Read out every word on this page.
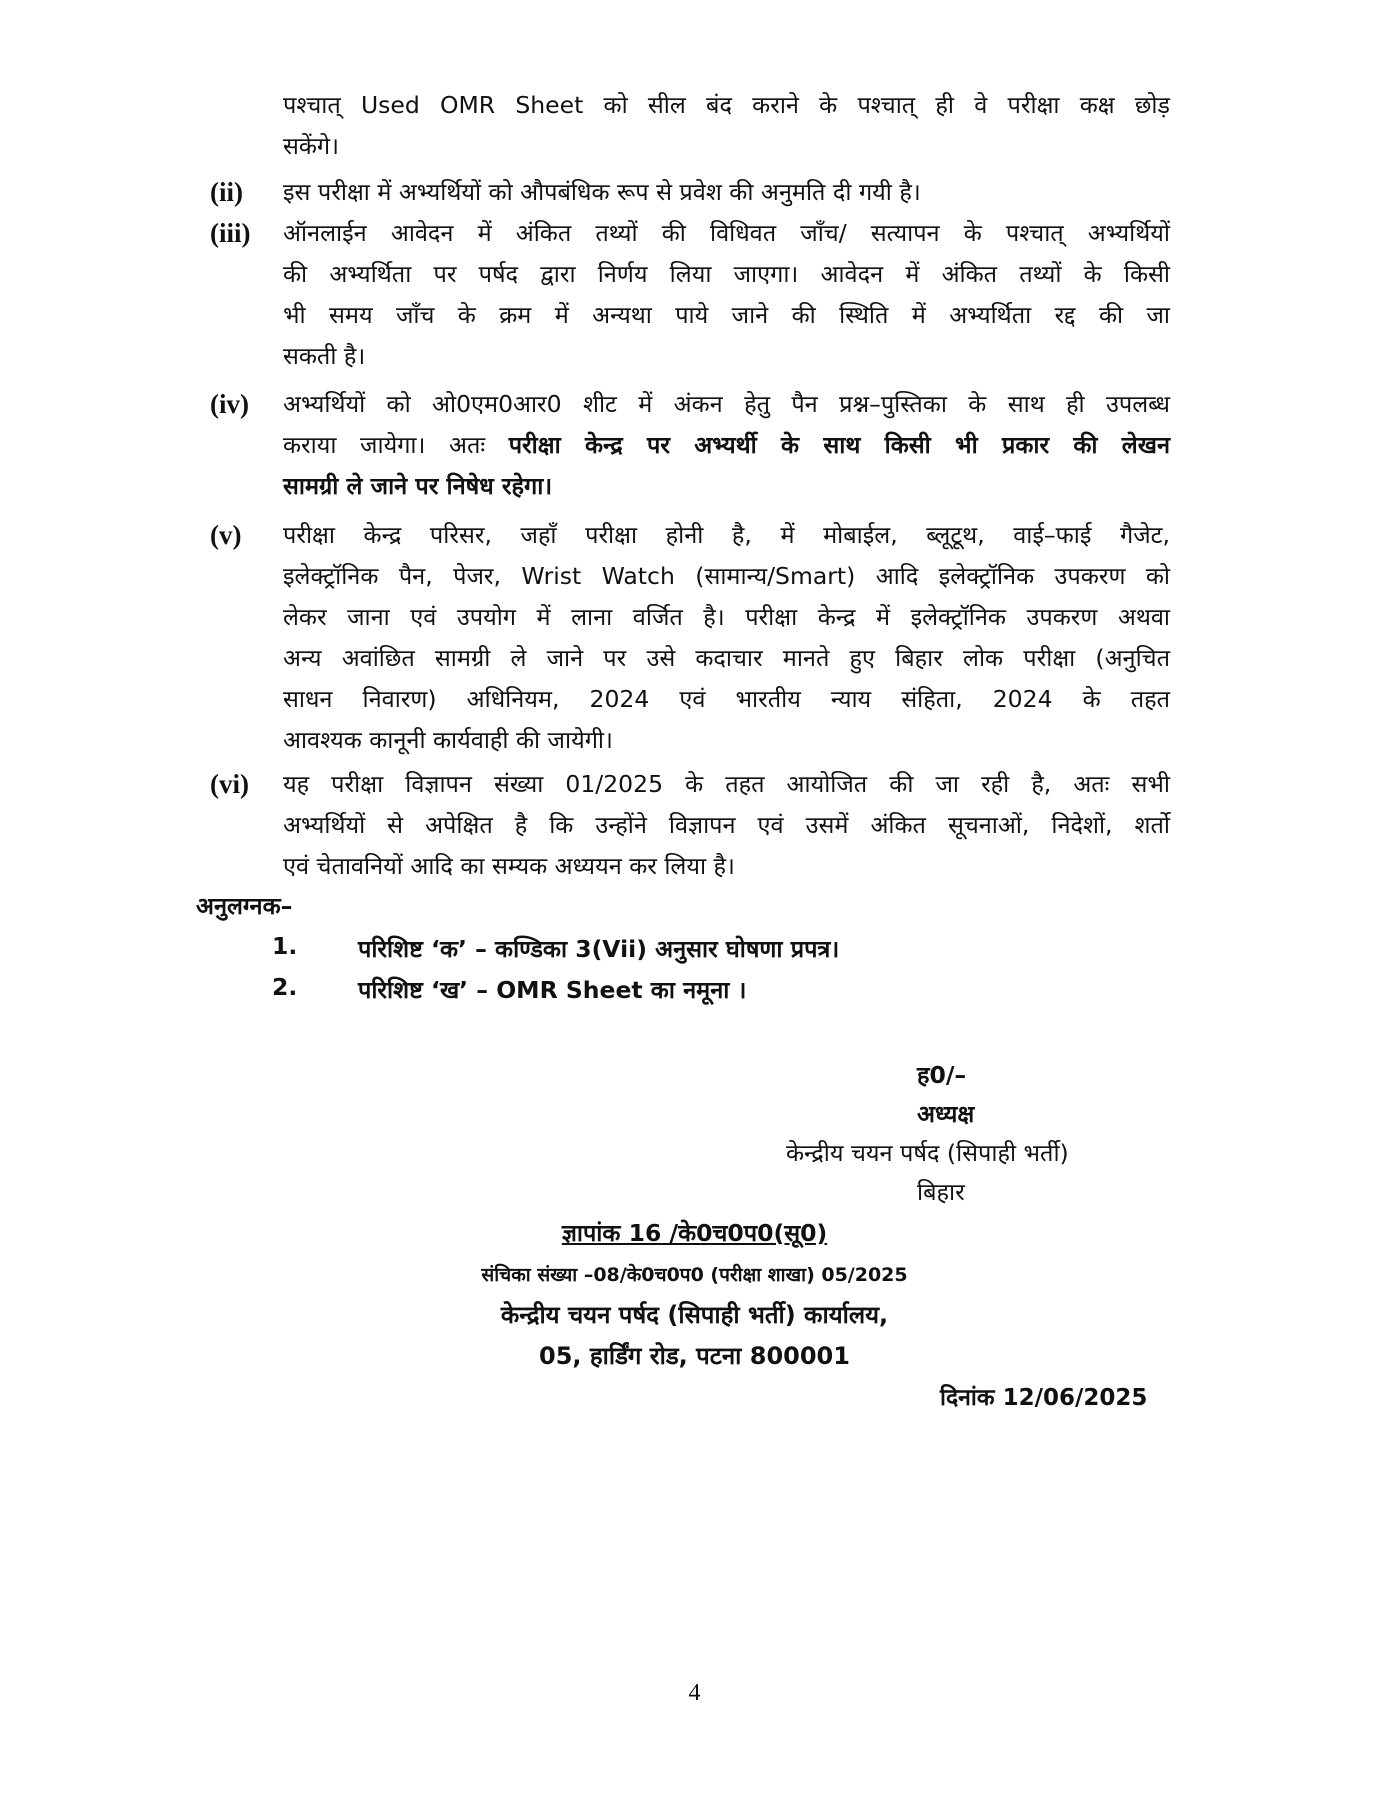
पश्चात् Used OMR Sheet को सील बंद कराने के पश्चात् ही वे परीक्षा कक्ष छोड़
सकेंगे।
(ii) इस परीक्षा में अभ्यर्थियों को औपबंधिक रूप से प्रवेश की अनुमति दी गयी है।
(iii) ऑनलाईन आवेदन में अंकित तथ्यों की विधिवत जाँच/ सत्यापन के पश्चात् अभ्यर्थियों
की अभ्यर्थिता पर पर्षद द्वारा निर्णय लिया जाएगा। आवेदन में अंकित तथ्यों के किसी
भी समय जाँच के क्रम में अन्यथा पाये जाने की स्थिति में अभ्यर्थिता रद्द की जा
सकती है।
(iv) अभ्यर्थियों को ओ0एम0आर0 शीट में अंकन हेतु पैन प्रश्न–पुस्तिका के साथ ही उपलब्ध
कराया जायेगा। अतः परीक्षा केन्द्र पर अभ्यर्थी के साथ किसी भी प्रकार की लेखन
सामग्री ले जाने पर निषेध रहेगा।
(v) परीक्षा केन्द्र परिसर, जहाँ परीक्षा होनी है, में मोबाईल, ब्लूटूथ, वाई–फाई गैजेट,
इलेक्ट्रॉनिक पैन, पेजर, Wrist Watch (सामान्य/Smart) आदि इलेक्ट्रॉनिक उपकरण को
लेकर जाना एवं उपयोग में लाना वर्जित है। परीक्षा केन्द्र में इलेक्ट्रॉनिक उपकरण अथवा
अन्य अवांछित सामग्री ले जाने पर उसे कदाचार मानते हुए बिहार लोक परीक्षा (अनुचित
साधन निवारण) अधिनियम, 2024 एवं भारतीय न्याय संहिता, 2024 के तहत
आवश्यक कानूनी कार्यवाही की जायेगी।
(vi) यह परीक्षा विज्ञापन संख्या 01/2025 के तहत आयोजित की जा रही है, अतः सभी
अभ्यर्थियों से अपेक्षित है कि उन्होंने विज्ञापन एवं उसमें अंकित सूचनाओं, निदेशों, शर्तो
एवं चेतावनियों आदि का सम्यक अध्ययन कर लिया है।
अनुलग्नक–
1.	परिशिष्ट ‘क’ – कण्डिका 3(Vii) अनुसार घोषणा प्रपत्र।
2.	परिशिष्ट ‘ख’ – OMR Sheet का नमूना ।
ह0/–
अध्यक्ष
केन्द्रीय चयन पर्षद (सिपाही भर्ती)
बिहार
ज्ञापांक 16 /के0च0प0(सू0)
संचिका संख्या –08/के0च0प0 (परीक्षा शाखा) 05/2025
केन्द्रीय चयन पर्षद (सिपाही भर्ती) कार्यालय,
05, हार्डिंग रोड, पटना 800001
दिनांक 12/06/2025
4
